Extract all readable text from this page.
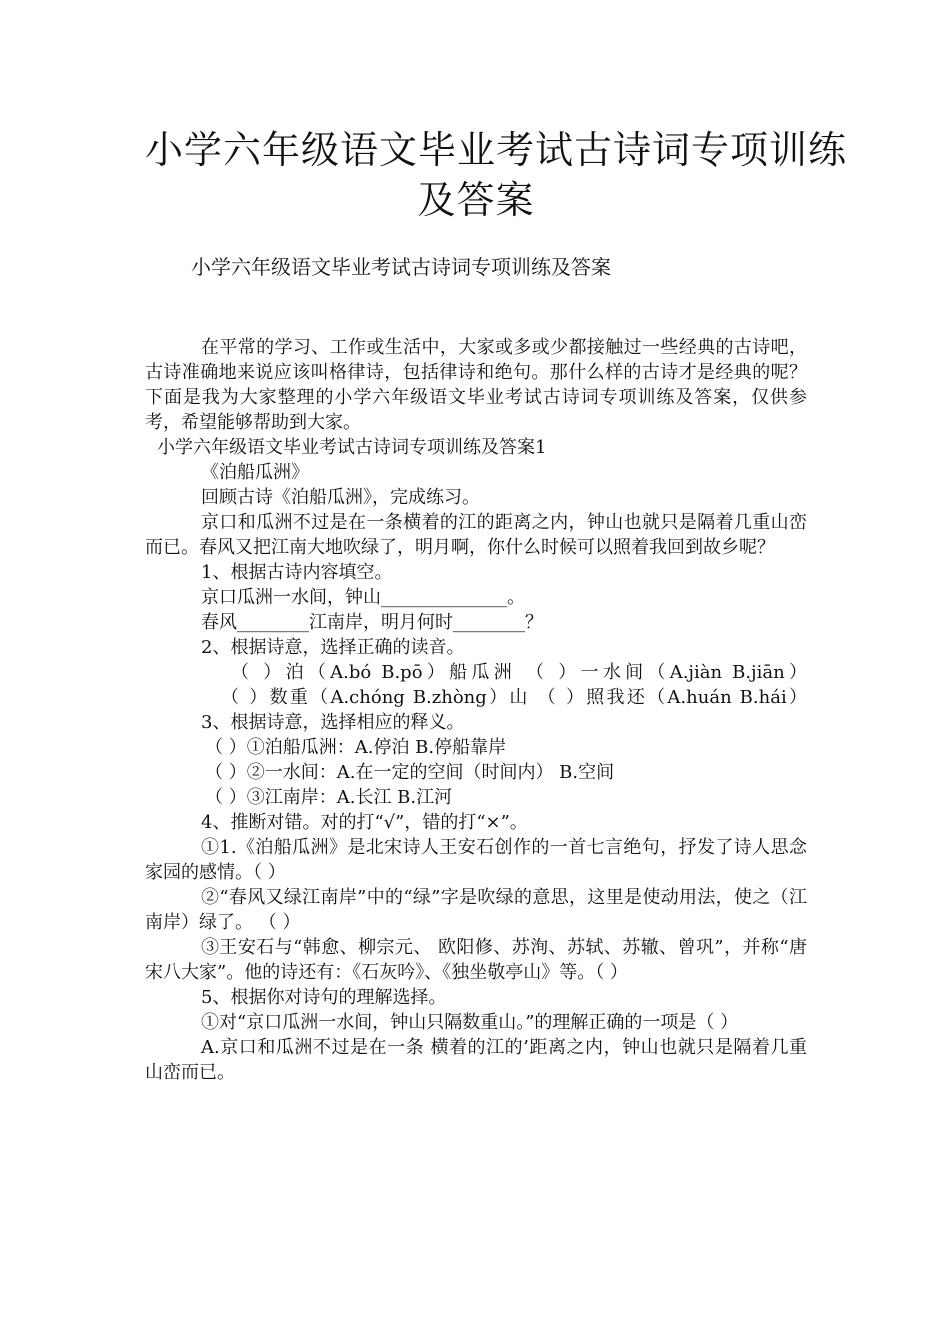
小学六年级语文毕业考试古诗词专项训练
及答案
小学六年级语文毕业考试古诗词专项训练及答案

在平常的学习、工作或生活中，大家或多或少都接触过一些经典的古诗吧，古诗准确地来说应该叫格律诗，包括律诗和绝句。那什么样的古诗才是经典的呢？下面是我为大家整理的小学六年级语文毕业考试古诗词专项训练及答案，仅供参考，希望能够帮助到大家。

小学六年级语文毕业考试古诗词专项训练及答案1

《泊船瓜洲》

回顾古诗《泊船瓜洲》，完成练习。

京口和瓜洲不过是在一条横着的江的距离之内，钟山也就只是隔着几重山峦而已。春风又把江南大地吹绿了，明月啊，你什么时候可以照着我回到故乡呢？

1、根据古诗内容填空。

京口瓜洲一水间，钟山______________。

春风________江南岸，明月何时________？

2、根据诗意，选择正确的读音。

（ ）泊（A.bó B.pō）船瓜洲 （ ）一水间（A.jiàn B.jiān）

（ ）数重（A.chóng B.zhòng）山 （ ）照我还（A.huán B.hái）

3、根据诗意，选择相应的释义。

（ ）①泊船瓜洲：A.停泊 B.停船靠岸

（ ）②一水间：A.在一定的空间（时间内） B.空间

（ ）③江南岸：A.长江 B.江河

4、推断对错。对的打“√”，错的打“×”。

①1.《泊船瓜洲》是北宋诗人王安石创作的一首七言绝句，抒发了诗人思念家园的感情。（ ）

②“春风又绿江南岸”中的“绿”字是吹绿的意思，这里是使动用法，使之（江南岸）绿了。 （ ）

③王安石与“韩愈、柳宗元、 欧阳修、苏洵、苏轼、苏辙、曾巩”，并称“唐宋八大家”。他的诗还有：《石灰吟》、《独坐敬亭山》等。（ ）

5、根据你对诗句的理解选择。

①对“京口瓜洲一水间，钟山只隔数重山。”的理解正确的一项是（ ）

A.京口和瓜洲不过是在一条 横着的江的’距离之内，钟山也就只是隔着几重山峦而已。
